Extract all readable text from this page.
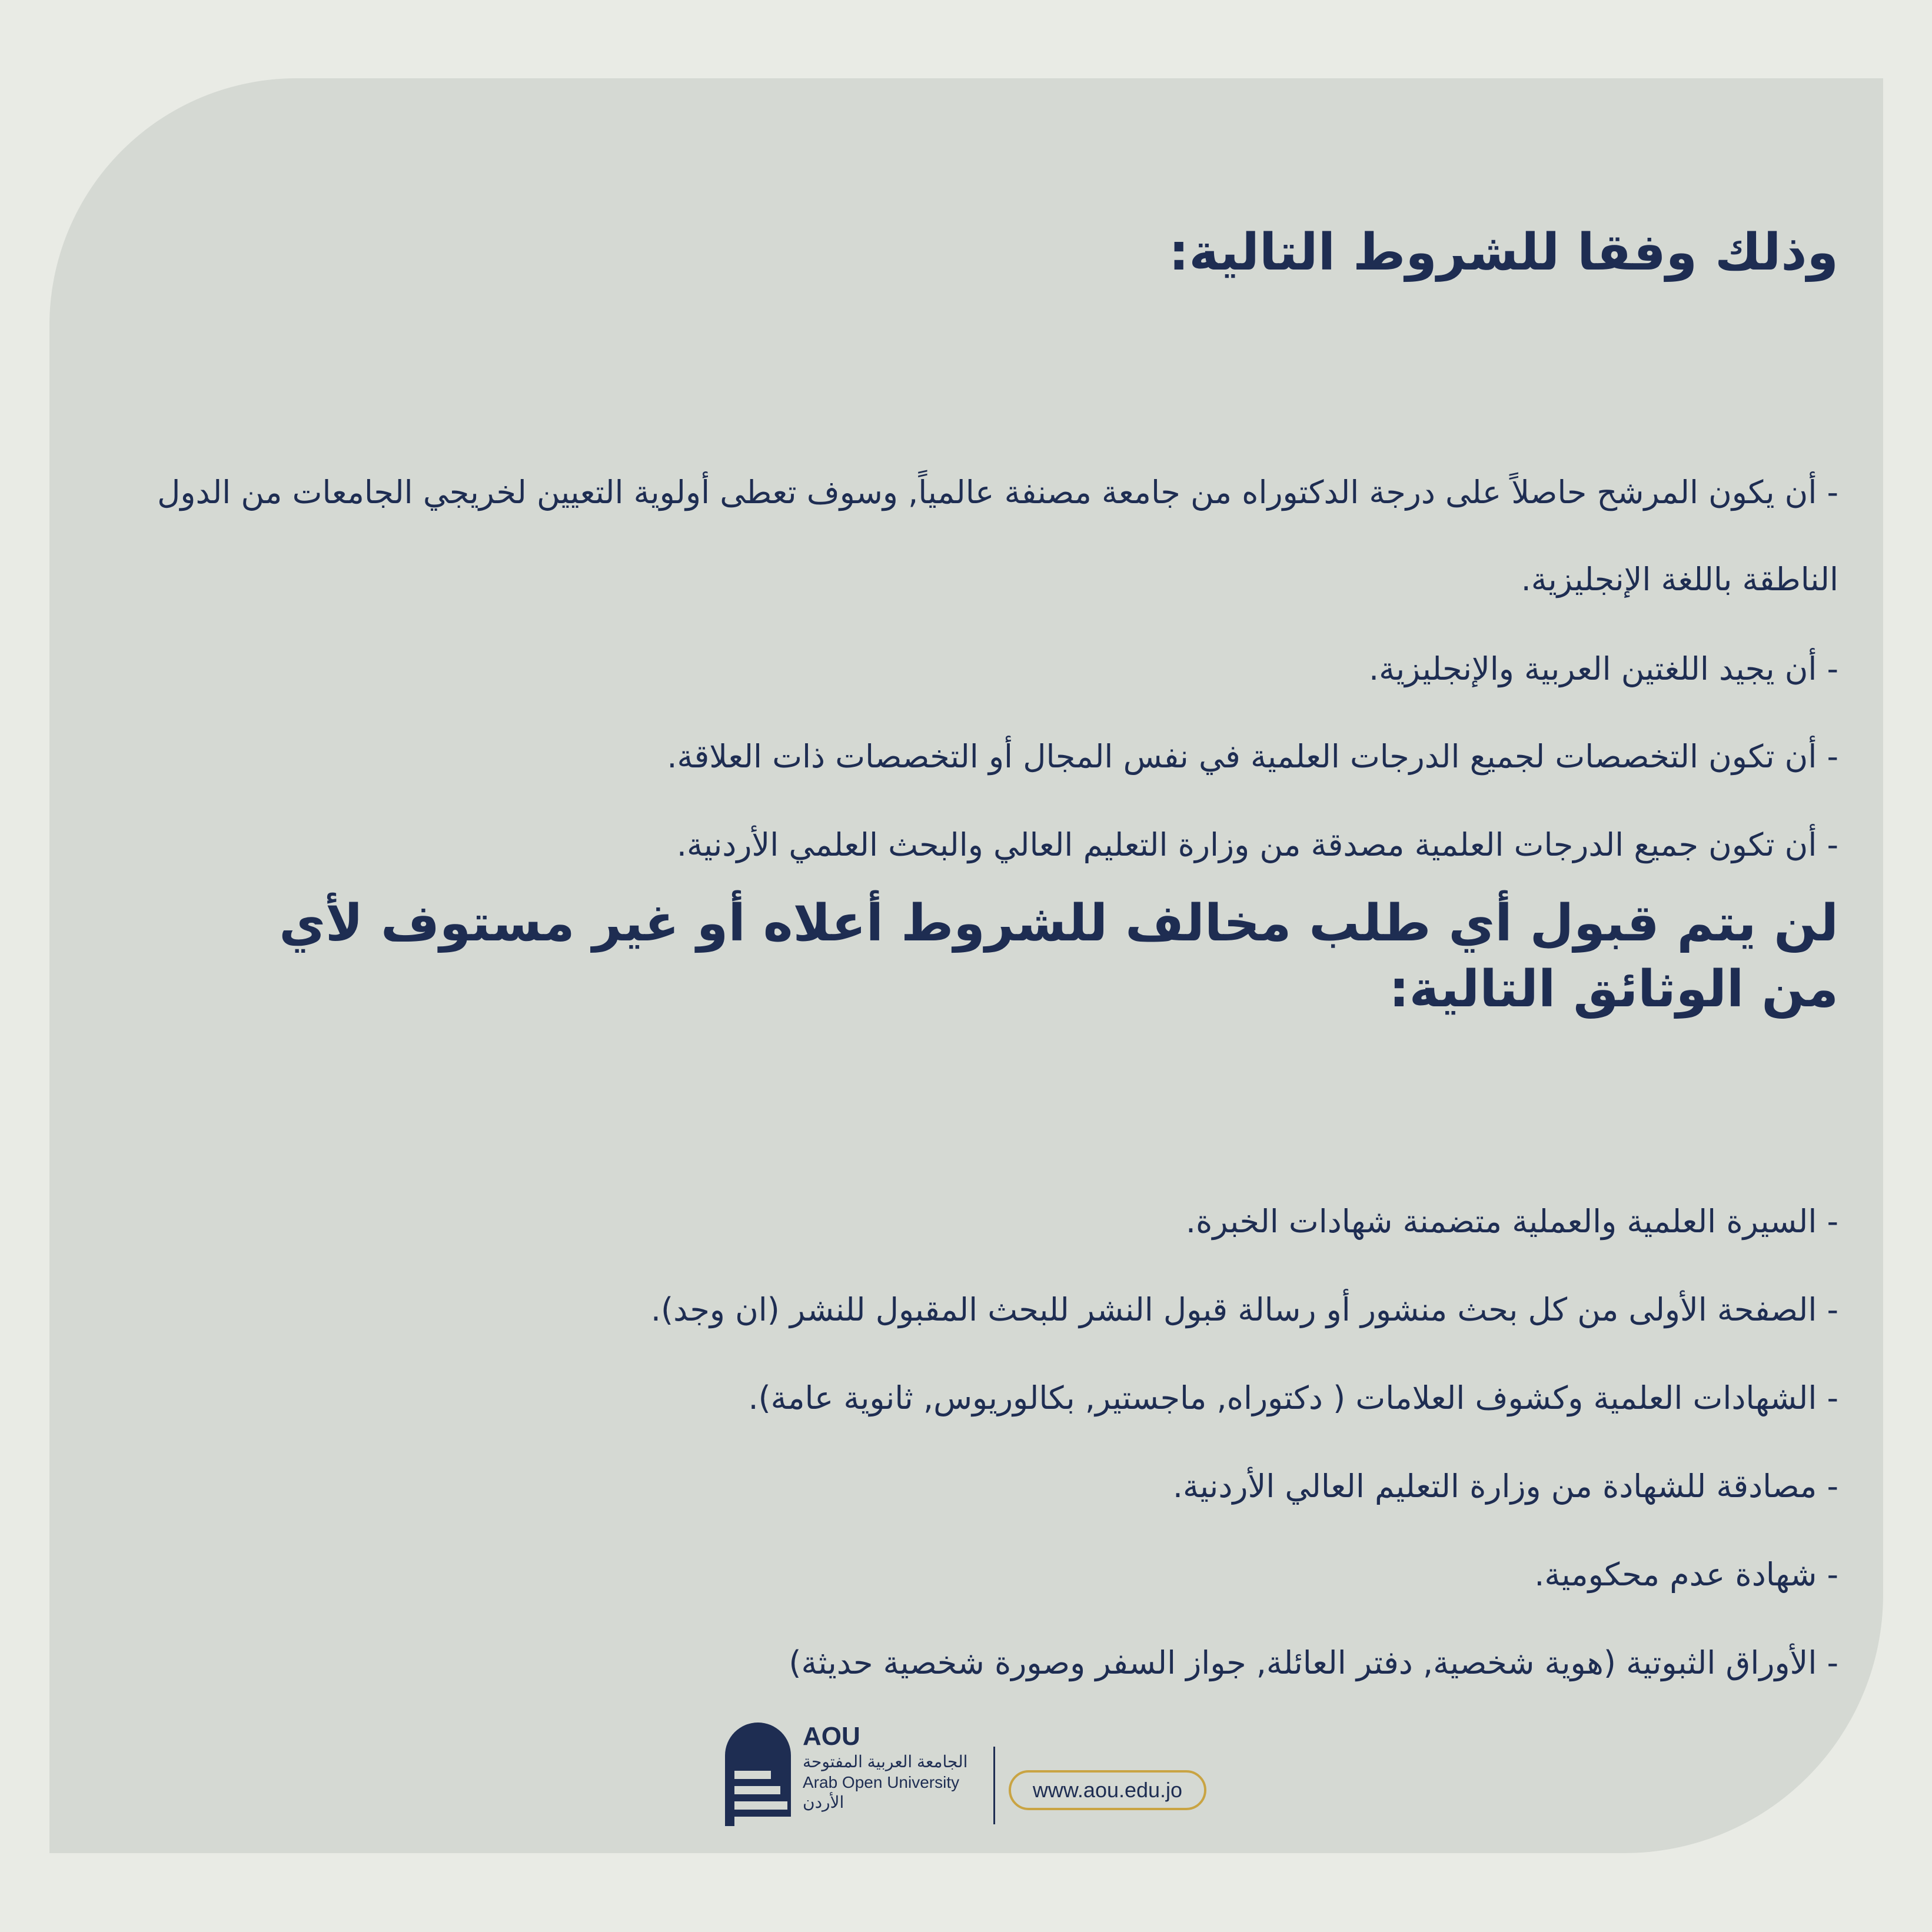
وذلك وفقا للشروط التالية:

- أن يكون المرشح حاصلاً على درجة الدكتوراه من جامعة مصنفة عالمياً, وسوف تعطى أولوية التعيين لخريجي الجامعات من الدول الناطقة باللغة الإنجليزية.

- أن يجيد اللغتين العربية والإنجليزية.

- أن تكون التخصصات لجميع الدرجات العلمية في نفس المجال أو التخصصات ذات العلاقة.

- أن تكون جميع الدرجات العلمية مصدقة من وزارة التعليم العالي والبحث العلمي الأردنية.

لن يتم قبول أي طلب مخالف للشروط أعلاه أو غير مستوف لأي من الوثائق التالية:

- السيرة العلمية والعملية متضمنة شهادات الخبرة.

- الصفحة الأولى من كل بحث منشور أو رسالة قبول النشر للبحث المقبول للنشر (ان وجد).

- الشهادات العلمية وكشوف العلامات ( دكتوراه, ماجستير, بكالوريوس, ثانوية عامة).

- مصادقة للشهادة من وزارة التعليم العالي الأردنية.

- شهادة عدم محكومية.

- الأوراق الثبوتية (هوية شخصية, دفتر العائلة, جواز السفر وصورة شخصية حديثة)

AOU
الجامعة العربية المفتوحة
Arab Open University
الأردن
www.aou.edu.jo
